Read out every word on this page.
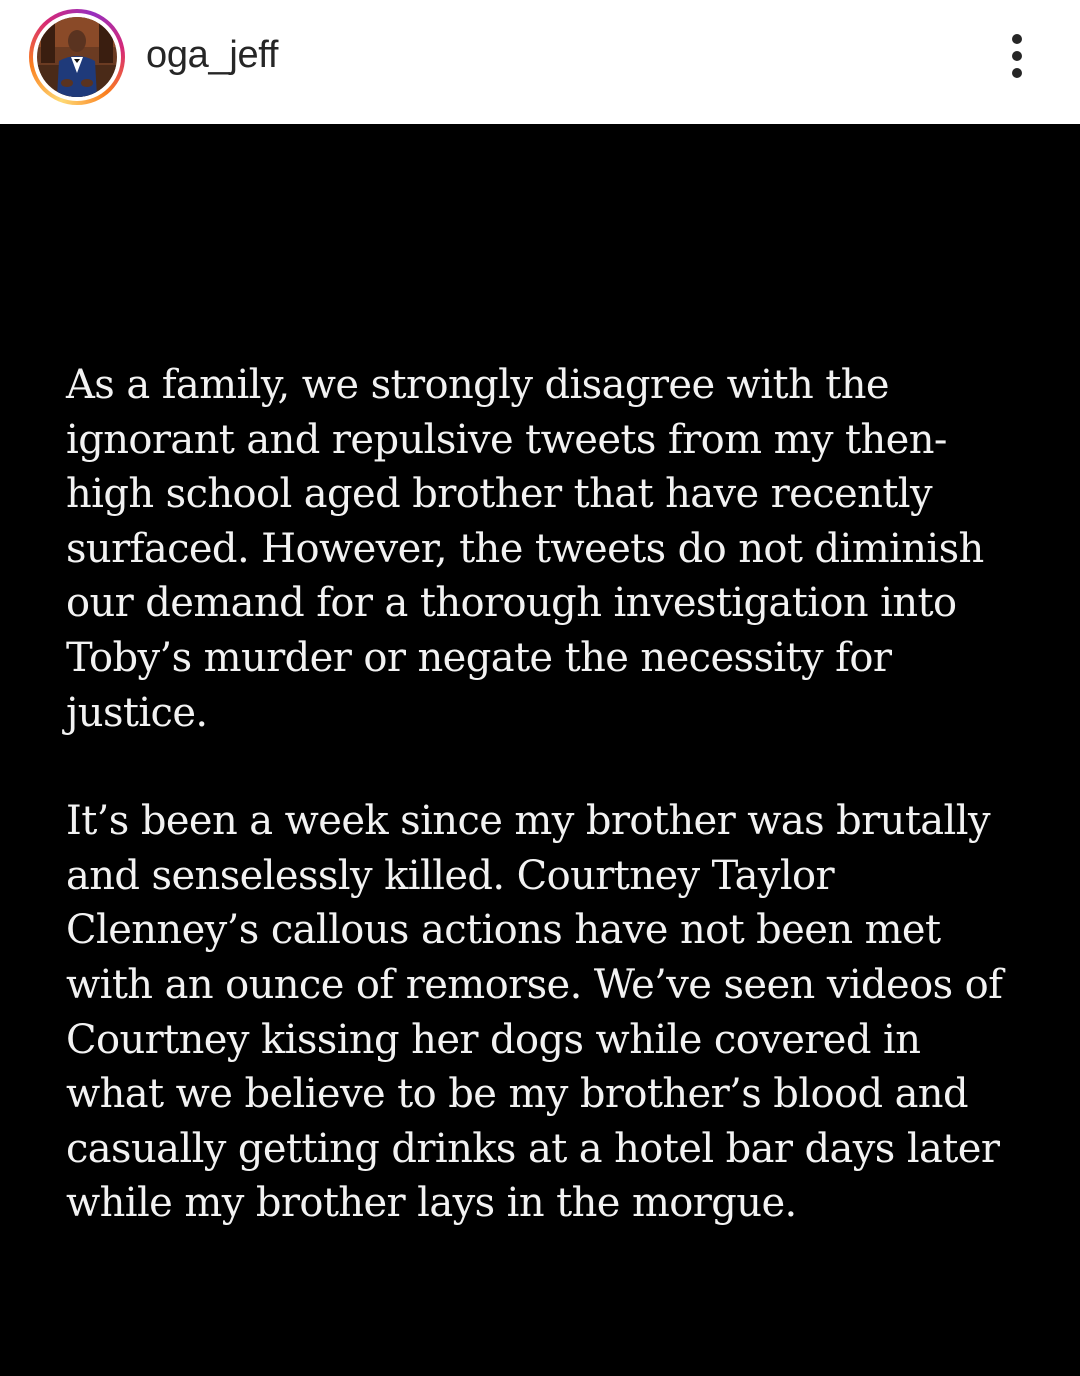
oga_jeff

As a family, we strongly disagree with the
ignorant and repulsive tweets from my then-
high school aged brother that have recently
surfaced. However, the tweets do not diminish
our demand for a thorough investigation into
Toby’s murder or negate the necessity for
justice.

It’s been a week since my brother was brutally
and senselessly killed. Courtney Taylor
Clenney’s callous actions have not been met
with an ounce of remorse. We’ve seen videos of
Courtney kissing her dogs while covered in
what we believe to be my brother’s blood and
casually getting drinks at a hotel bar days later
while my brother lays in the morgue.
